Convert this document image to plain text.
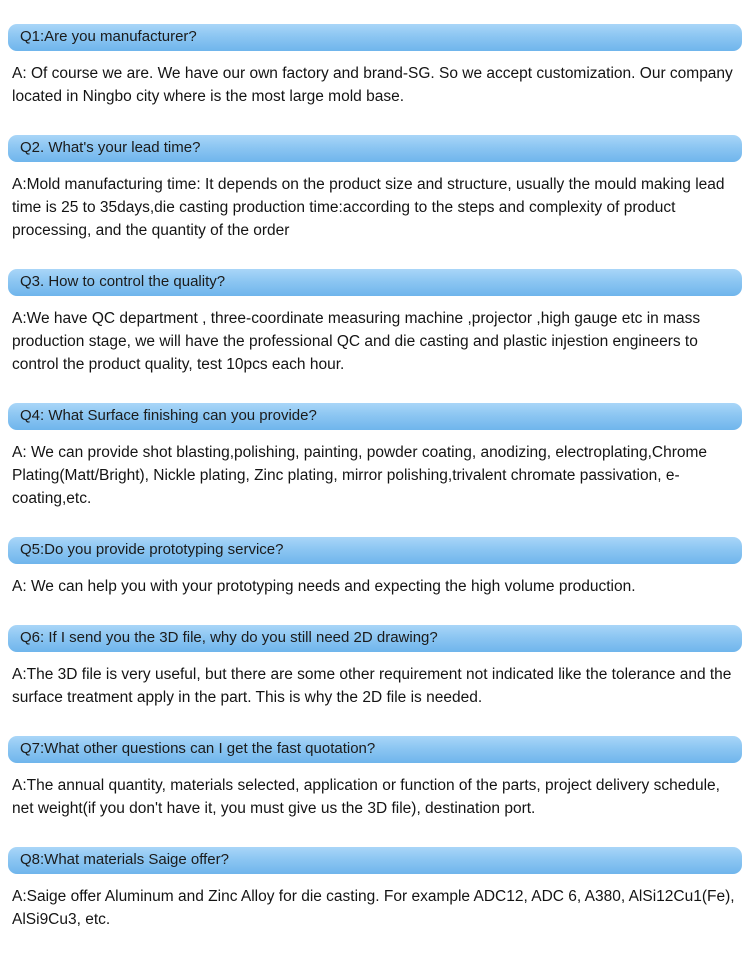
Q1:Are you manufacturer?

A: Of course we are. We have our own factory and brand-SG. So we accept customization. Our company located in Ningbo city where is the most large mold base.

Q2. What's your lead time?

A:Mold manufacturing time: It depends on the product size and structure, usually the mould making lead time is 25 to 35days,die casting production time:according to the steps and complexity of product processing, and the quantity of the order

Q3. How to control the quality?

A:We have QC department , three-coordinate measuring machine ,projector ,high gauge etc in mass production stage, we will have the professional QC and die casting and plastic injestion engineers to control the product quality, test 10pcs each hour.

Q4: What Surface finishing can you provide?

A: We can provide shot blasting,polishing, painting, powder coating, anodizing, electroplating,Chrome Plating(Matt/Bright), Nickle plating, Zinc plating, mirror polishing,trivalent chromate passivation, e-coating,etc.

Q5:Do you provide prototyping service?

A: We can help you with your prototyping needs and expecting the high volume production.

Q6: If I send you the 3D file, why do you still need 2D drawing?

A:The 3D file is very useful, but there are some other requirement not indicated like the tolerance and the surface treatment apply in the part. This is why the 2D file is needed.

Q7:What other questions can I get the fast quotation?

A:The annual quantity, materials selected, application or function of the parts, project delivery schedule, net weight(if you don't have it, you must give us the 3D file), destination port.

Q8:What materials Saige offer?

A:Saige offer Aluminum and Zinc Alloy for die casting. For example ADC12, ADC 6, A380, AlSi12Cu1(Fe), AlSi9Cu3, etc.
